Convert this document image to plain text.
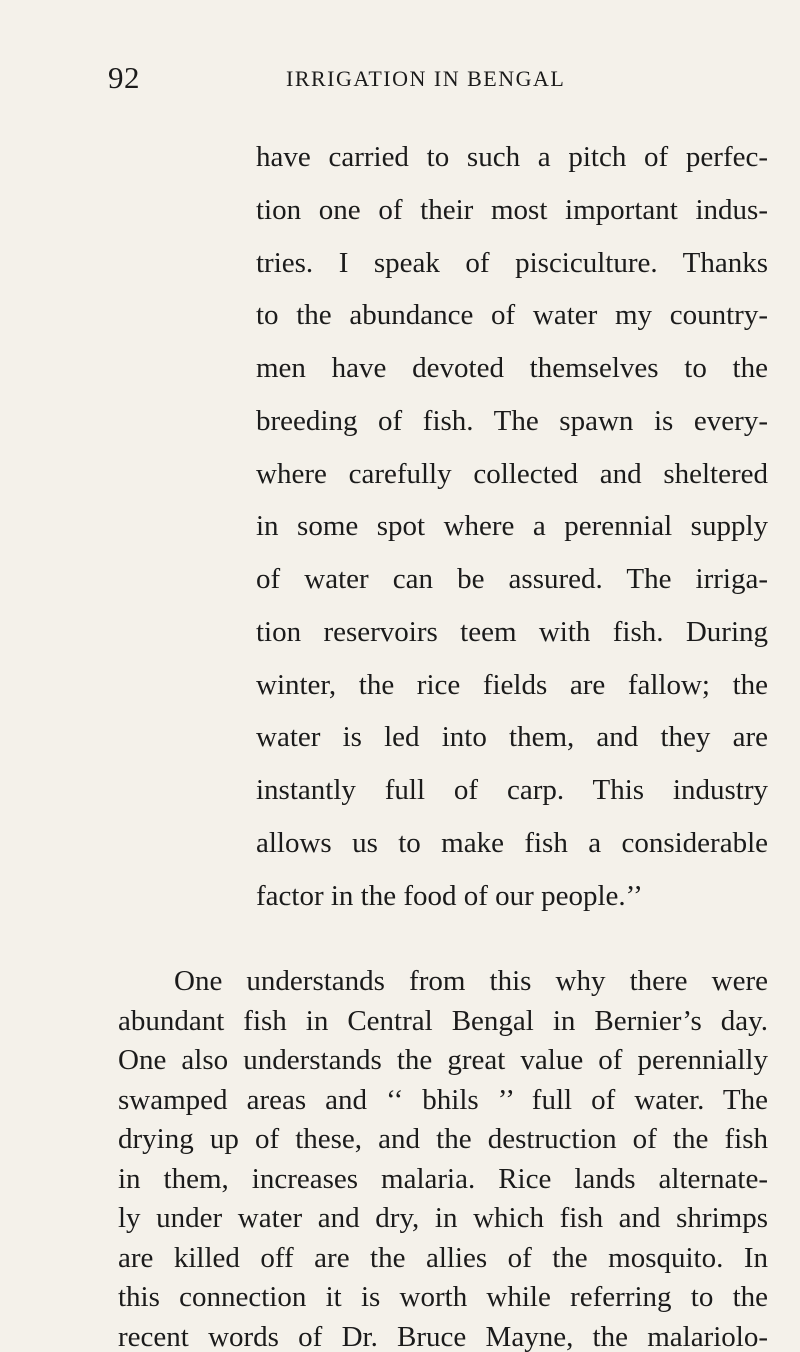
92	IRRIGATION IN BENGAL
have carried to such a pitch of perfec-
tion one of their most important indus-
tries. I speak of pisciculture. Thanks
to the abundance of water my country-
men have devoted themselves to the
breeding of fish. The spawn is every-
where carefully collected and sheltered
in some spot where a perennial supply
of water can be assured. The irriga-
tion reservoirs teem with fish. During
winter, the rice fields are fallow; the
water is led into them, and they are
instantly full of carp. This industry
allows us to make fish a considerable
factor in the food of our people.’’
One understands from this why there were
abundant fish in Central Bengal in Bernier’s day.
One also understands the great value of perennially
swamped areas and ‘‘ bhils ’’ full of water. The
drying up of these, and the destruction of the fish
in them, increases malaria. Rice lands alternate-
ly under water and dry, in which fish and shrimps
are killed off are the allies of the mosquito. In
this connection it is worth while referring to the
recent words of Dr. Bruce Mayne, the malariolo-
